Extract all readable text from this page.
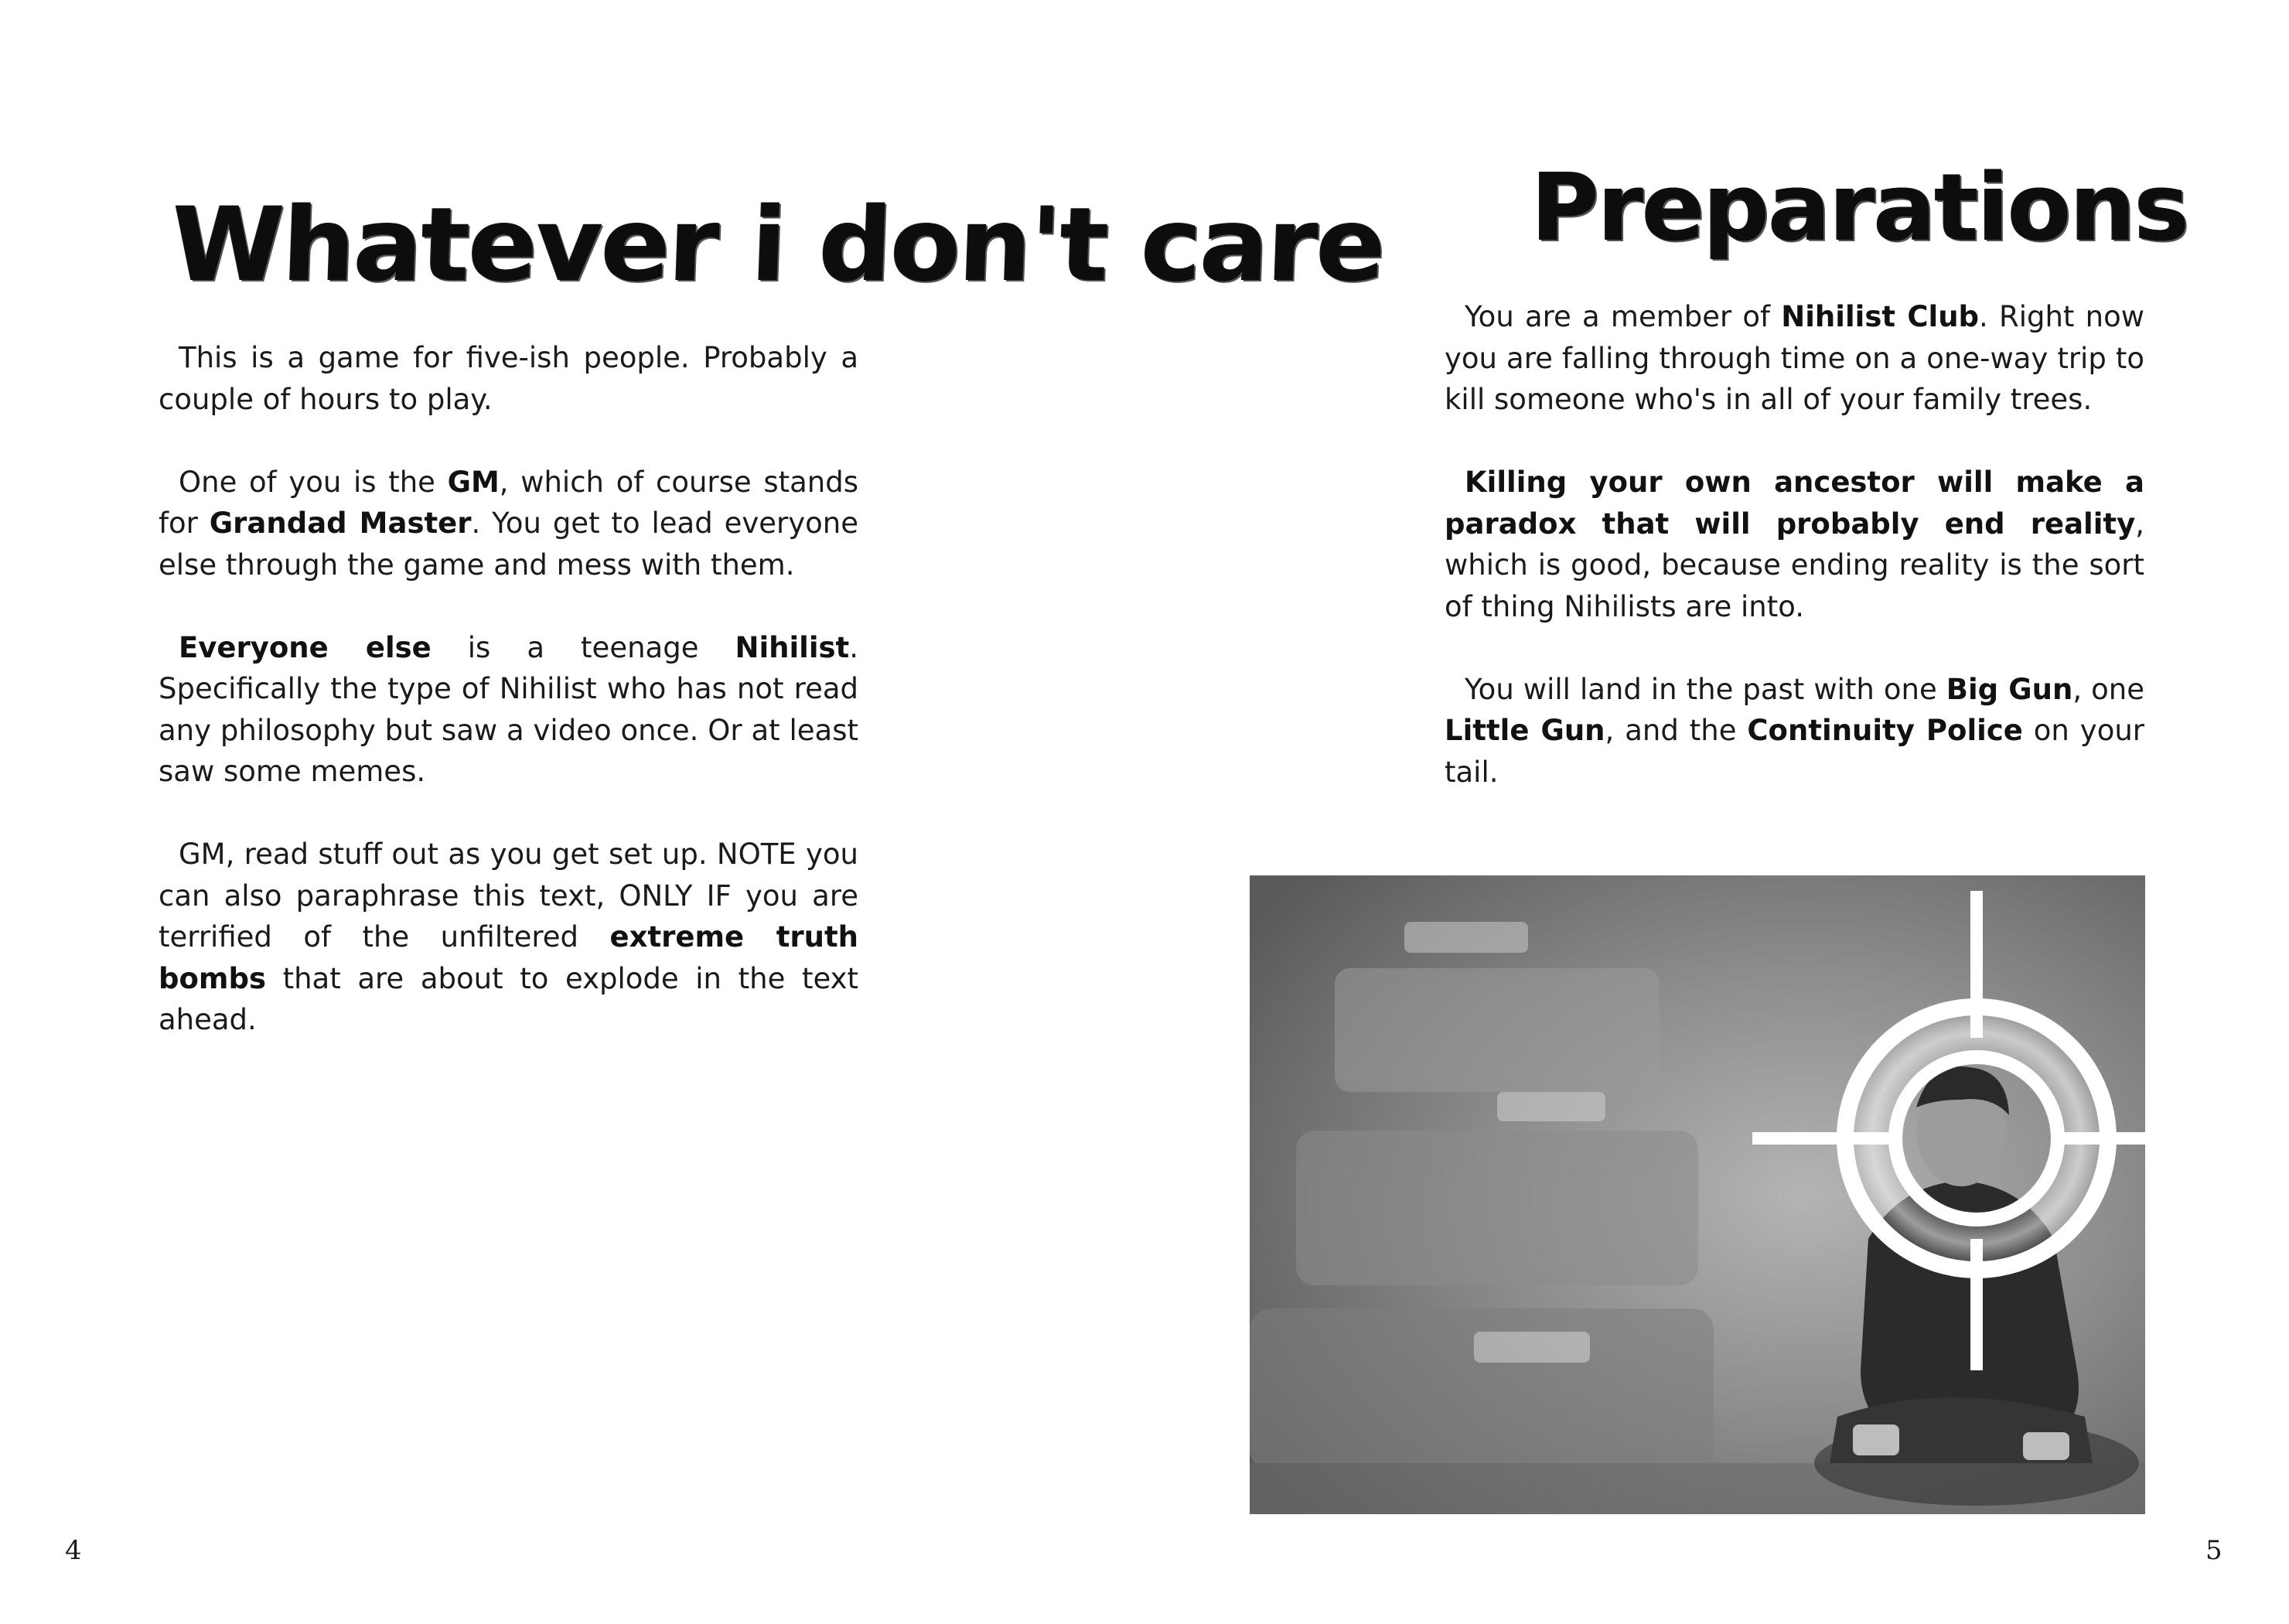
Whatever i don't care

This is a game for five-ish people. Probably a couple of hours to play.

One of you is the GM, which of course stands for Grandad Master. You get to lead everyone else through the game and mess with them.

Everyone else is a teenage Nihilist. Specifically the type of Nihilist who has not read any philosophy but saw a video once. Or at least saw some memes.

GM, read stuff out as you get set up. NOTE you can also paraphrase this text, ONLY IF you are terrified of the unfiltered extreme truth bombs that are about to explode in the text ahead.

4
Preparations

You are a member of Nihilist Club. Right now you are falling through time on a one-way trip to kill someone who's in all of your family trees.

Killing your own ancestor will make a paradox that will probably end reality, which is good, because ending reality is the sort of thing Nihilists are into.

You will land in the past with one Big Gun, one Little Gun, and the Continuity Police on your tail.

5
